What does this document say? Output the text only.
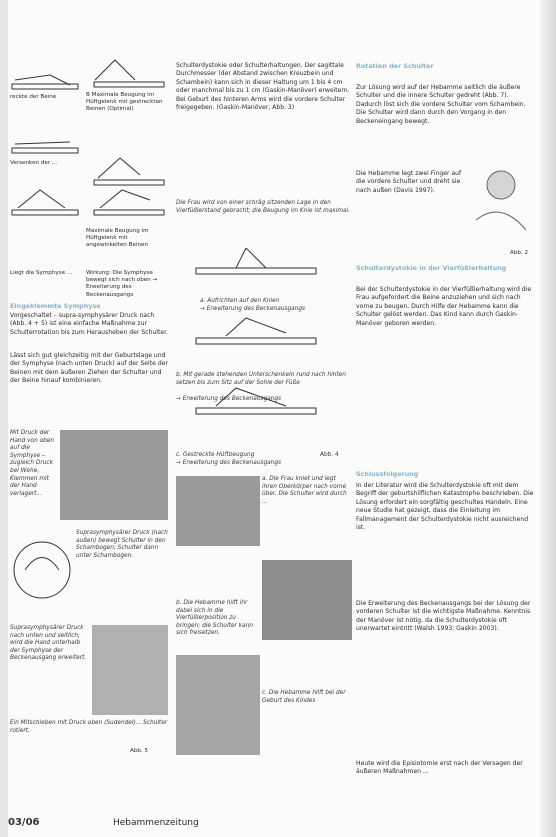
reckte der Beine	B Maximale Beugung im Hüftgelenk mit gestreckten Beinen (Optimal)
Versenken der ...
Maximale Beugung im Hüftgelenk mit angewinkelten Beinen
Liegt die Symphyse ...	Wirkung: Die Symphyse bewegt sich nach oben → Erweiterung des Beckenausgangs
Eingeklemmte Symphyse
Vorgeschaltet – supra-symphysärer Druck nach (Abb. 4 + 5) ist eine einfache Maßnahme zur Schulterrotation bis zum Herausheben der Schulter.
Lässt sich gut gleichzeitig mit der Geburtslage und der Symphyse (nach unten Druck) auf der Seite der Beinen mit dem äußeren Ziehen der Schulter und der Beine hinauf kombinieren.
Mit Druck der Hand von oben auf die Symphyse – zugleich Druck bei Wehe, Klemmen mit der Hand verlagert...
Suprasymphysärer Druck (nach außen) bewegt Schulter in den Schambogen; Schulter dann unter Schambogen.
Suprasymphysärer Druck nach unten und seitlich; wird die Hand unterhalb der Symphyse der Beckenausgang erweitert.
Ein Mitschieben mit Druck oben (Sudendel)... Schulter rotiert.
Schulterdystokie oder Schulterhaltungen. Der sagittale Durchmesser (der Abstand zwischen Kreuzbein und Schambein) kann sich in dieser Haltung um 1 bis 4 cm oder manchmal bis zu 1 cm (Gaskin-Manöver) erweitern. Bei Geburt des hinteren Arms wird die vordere Schulter freigegeben. (Gaskin-Manöver, Abb. 3)
Die Frau wird von einer schräg sitzenden Lage in den Vierfüßlerstand gebracht; die Beugung im Knie ist maximal.
a. Aufrichten auf den Knien
→ Erweiterung des Beckenausgangs
b. Mit gerade stehenden Unterschenkeln rund nach hinten setzen bis zum Sitz auf der Sohle der Füße
→ Erweiterung des Beckenausgangs
c. Gestreckte Hüftbeugung
→ Erweiterung des Beckenausgangs
Abb. 4
a. Die Frau kniet und legt ihren Oberkörper nach vorne über. Die Schulter wird durch ...
b. Die Hebamme hilft ihr dabei sich in die Vierfüßlerposition zu bringen; die Schulter kann sich freisetzen.
c. Die Hebamme hilft bei der Geburt des Kindes
Rotation der Schulter
Zur Lösung wird auf der Hebamme seitlich die äußere Schulter und die innere Schulter gedreht (Abb. 7). Dadurch löst sich die vordere Schulter vom Schambein. Die Schulter wird dann durch den Vorgang in den Beckeneingang bewegt.
Abb. 2
Die Hebamme legt zwei Finger auf die vordere Schulter und dreht sie nach außen (Davis 1997).
Schulterdystokie in der Vierfüßlerhaltung
Bei der Schulterdystokie in der Vierfüßlerhaltung wird die Frau aufgefordert die Beine anzuziehen und sich nach vorne zu beugen. Durch Hilfe der Hebamme kann die Schulter gelöst werden. Das Kind kann durch Gaskin-Manöver geboren werden.
Schlussfolgerung
In der Literatur wird die Schulterdystokie oft mit dem Begriff der geburtshilflichen Katastrophe beschrieben. Die Lösung erfordert ein sorgfältig geschultes Handeln. Eine neue Studie hat gezeigt, dass die Einleitung im Fallmanagement der Schulterdystokie nicht ausreichend ist.
Die Erweiterung des Beckenausgangs bei der Lösung der vorderen Schulter ist die wichtigste Maßnahme. Kenntnis der Manöver ist nötig, da die Schulterdystokie oft unerwartet eintritt (Walsh 1993; Gaskin 2003).
Heute wird die Episiotomie erst nach der Versagen der äußeren Maßnahmen ...
Abb. 5
03/06	Hebammenzeitung
